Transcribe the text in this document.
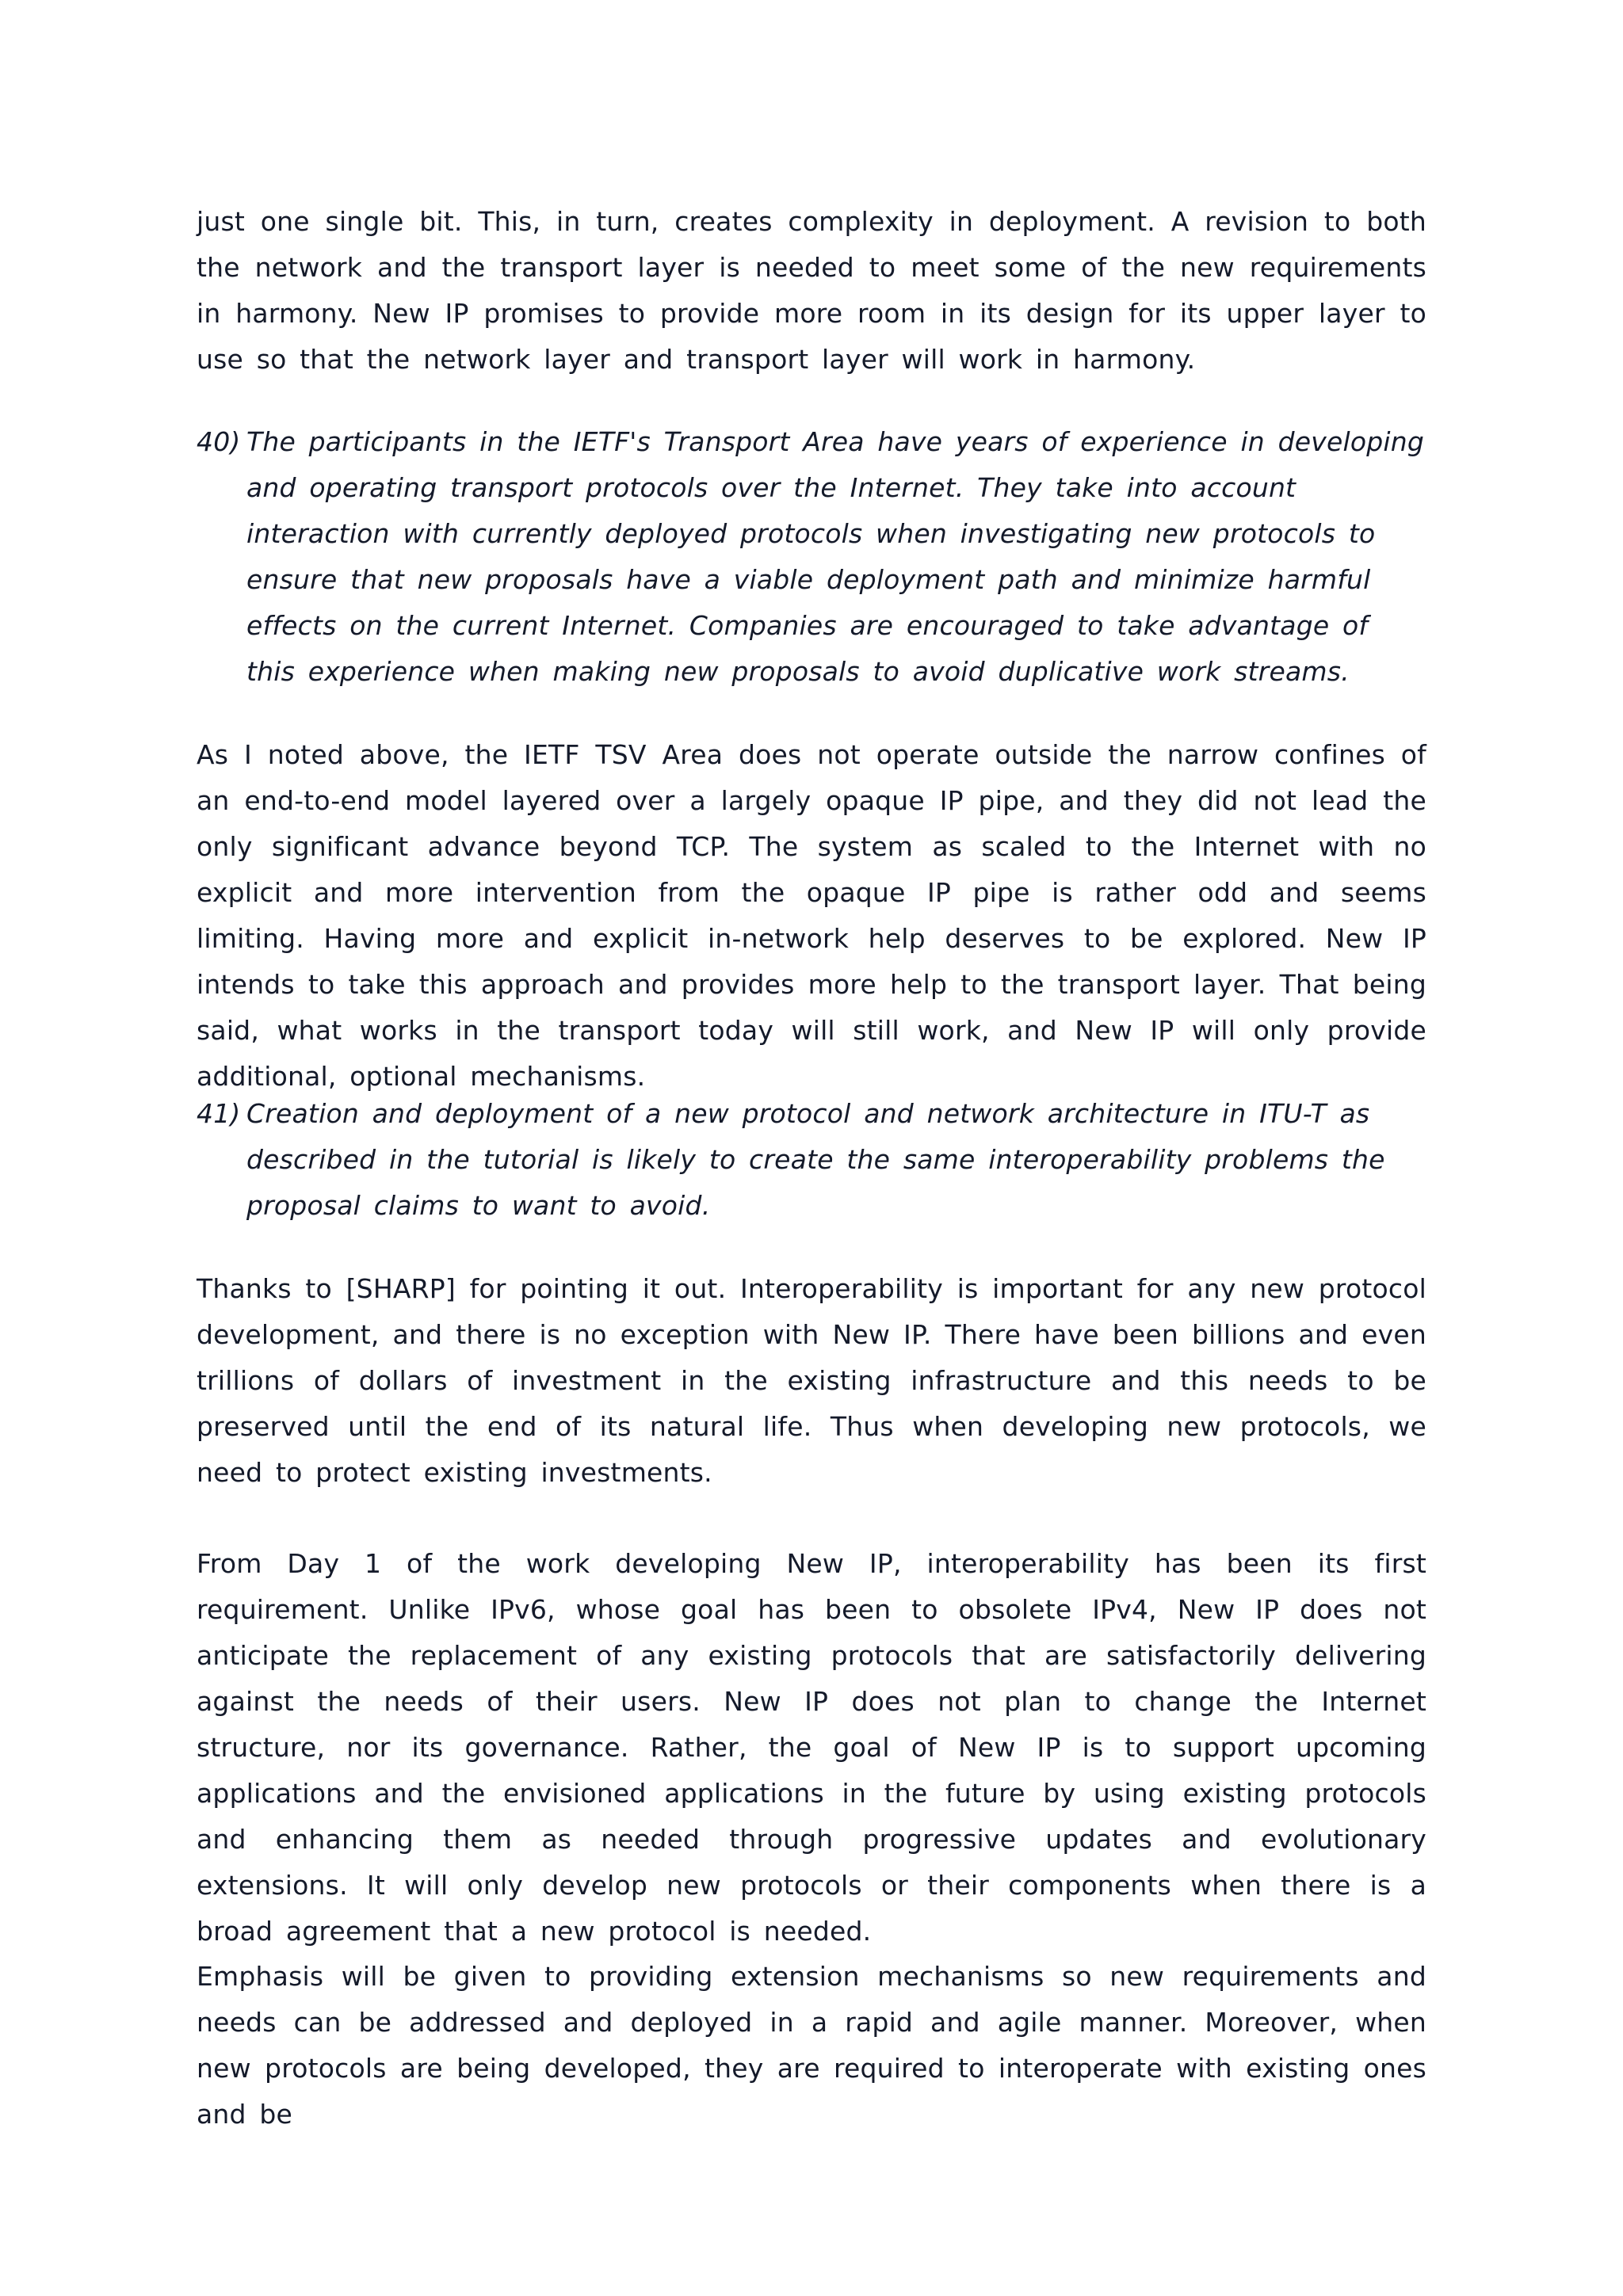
just one single bit. This, in turn, creates complexity in deployment. A revision to both the network and the transport layer is needed to meet some of the new requirements in harmony. New IP promises to provide more room in its design for its upper layer to use so that the network layer and transport layer will work in harmony.

40) The participants in the IETF's Transport Area have years of experience in developing and operating transport protocols over the Internet. They take into account interaction with currently deployed protocols when investigating new protocols to ensure that new proposals have a viable deployment path and minimize harmful effects on the current Internet. Companies are encouraged to take advantage of this experience when making new proposals to avoid duplicative work streams.

As I noted above, the IETF TSV Area does not operate outside the narrow confines of an end-to-end model layered over a largely opaque IP pipe, and they did not lead the only significant advance beyond TCP. The system as scaled to the Internet with no explicit and more intervention from the opaque IP pipe is rather odd and seems limiting. Having more and explicit in-network help deserves to be explored. New IP intends to take this approach and provides more help to the transport layer. That being said, what works in the transport today will still work, and New IP will only provide additional, optional mechanisms.

41) Creation and deployment of a new protocol and network architecture in ITU-T as described in the tutorial is likely to create the same interoperability problems the proposal claims to want to avoid.

Thanks to [SHARP] for pointing it out. Interoperability is important for any new protocol development, and there is no exception with New IP. There have been billions and even trillions of dollars of investment in the existing infrastructure and this needs to be preserved until the end of its natural life. Thus when developing new protocols, we need to protect existing investments.

From Day 1 of the work developing New IP, interoperability has been its first requirement. Unlike IPv6, whose goal has been to obsolete IPv4, New IP does not anticipate the replacement of any existing protocols that are satisfactorily delivering against the needs of their users. New IP does not plan to change the Internet structure, nor its governance. Rather, the goal of New IP is to support upcoming applications and the envisioned applications in the future by using existing protocols and enhancing them as needed through progressive updates and evolutionary extensions. It will only develop new protocols or their components when there is a broad agreement that a new protocol is needed.

Emphasis will be given to providing extension mechanisms so new requirements and needs can be addressed and deployed in a rapid and agile manner. Moreover, when new protocols are being developed, they are required to interoperate with existing ones and be
